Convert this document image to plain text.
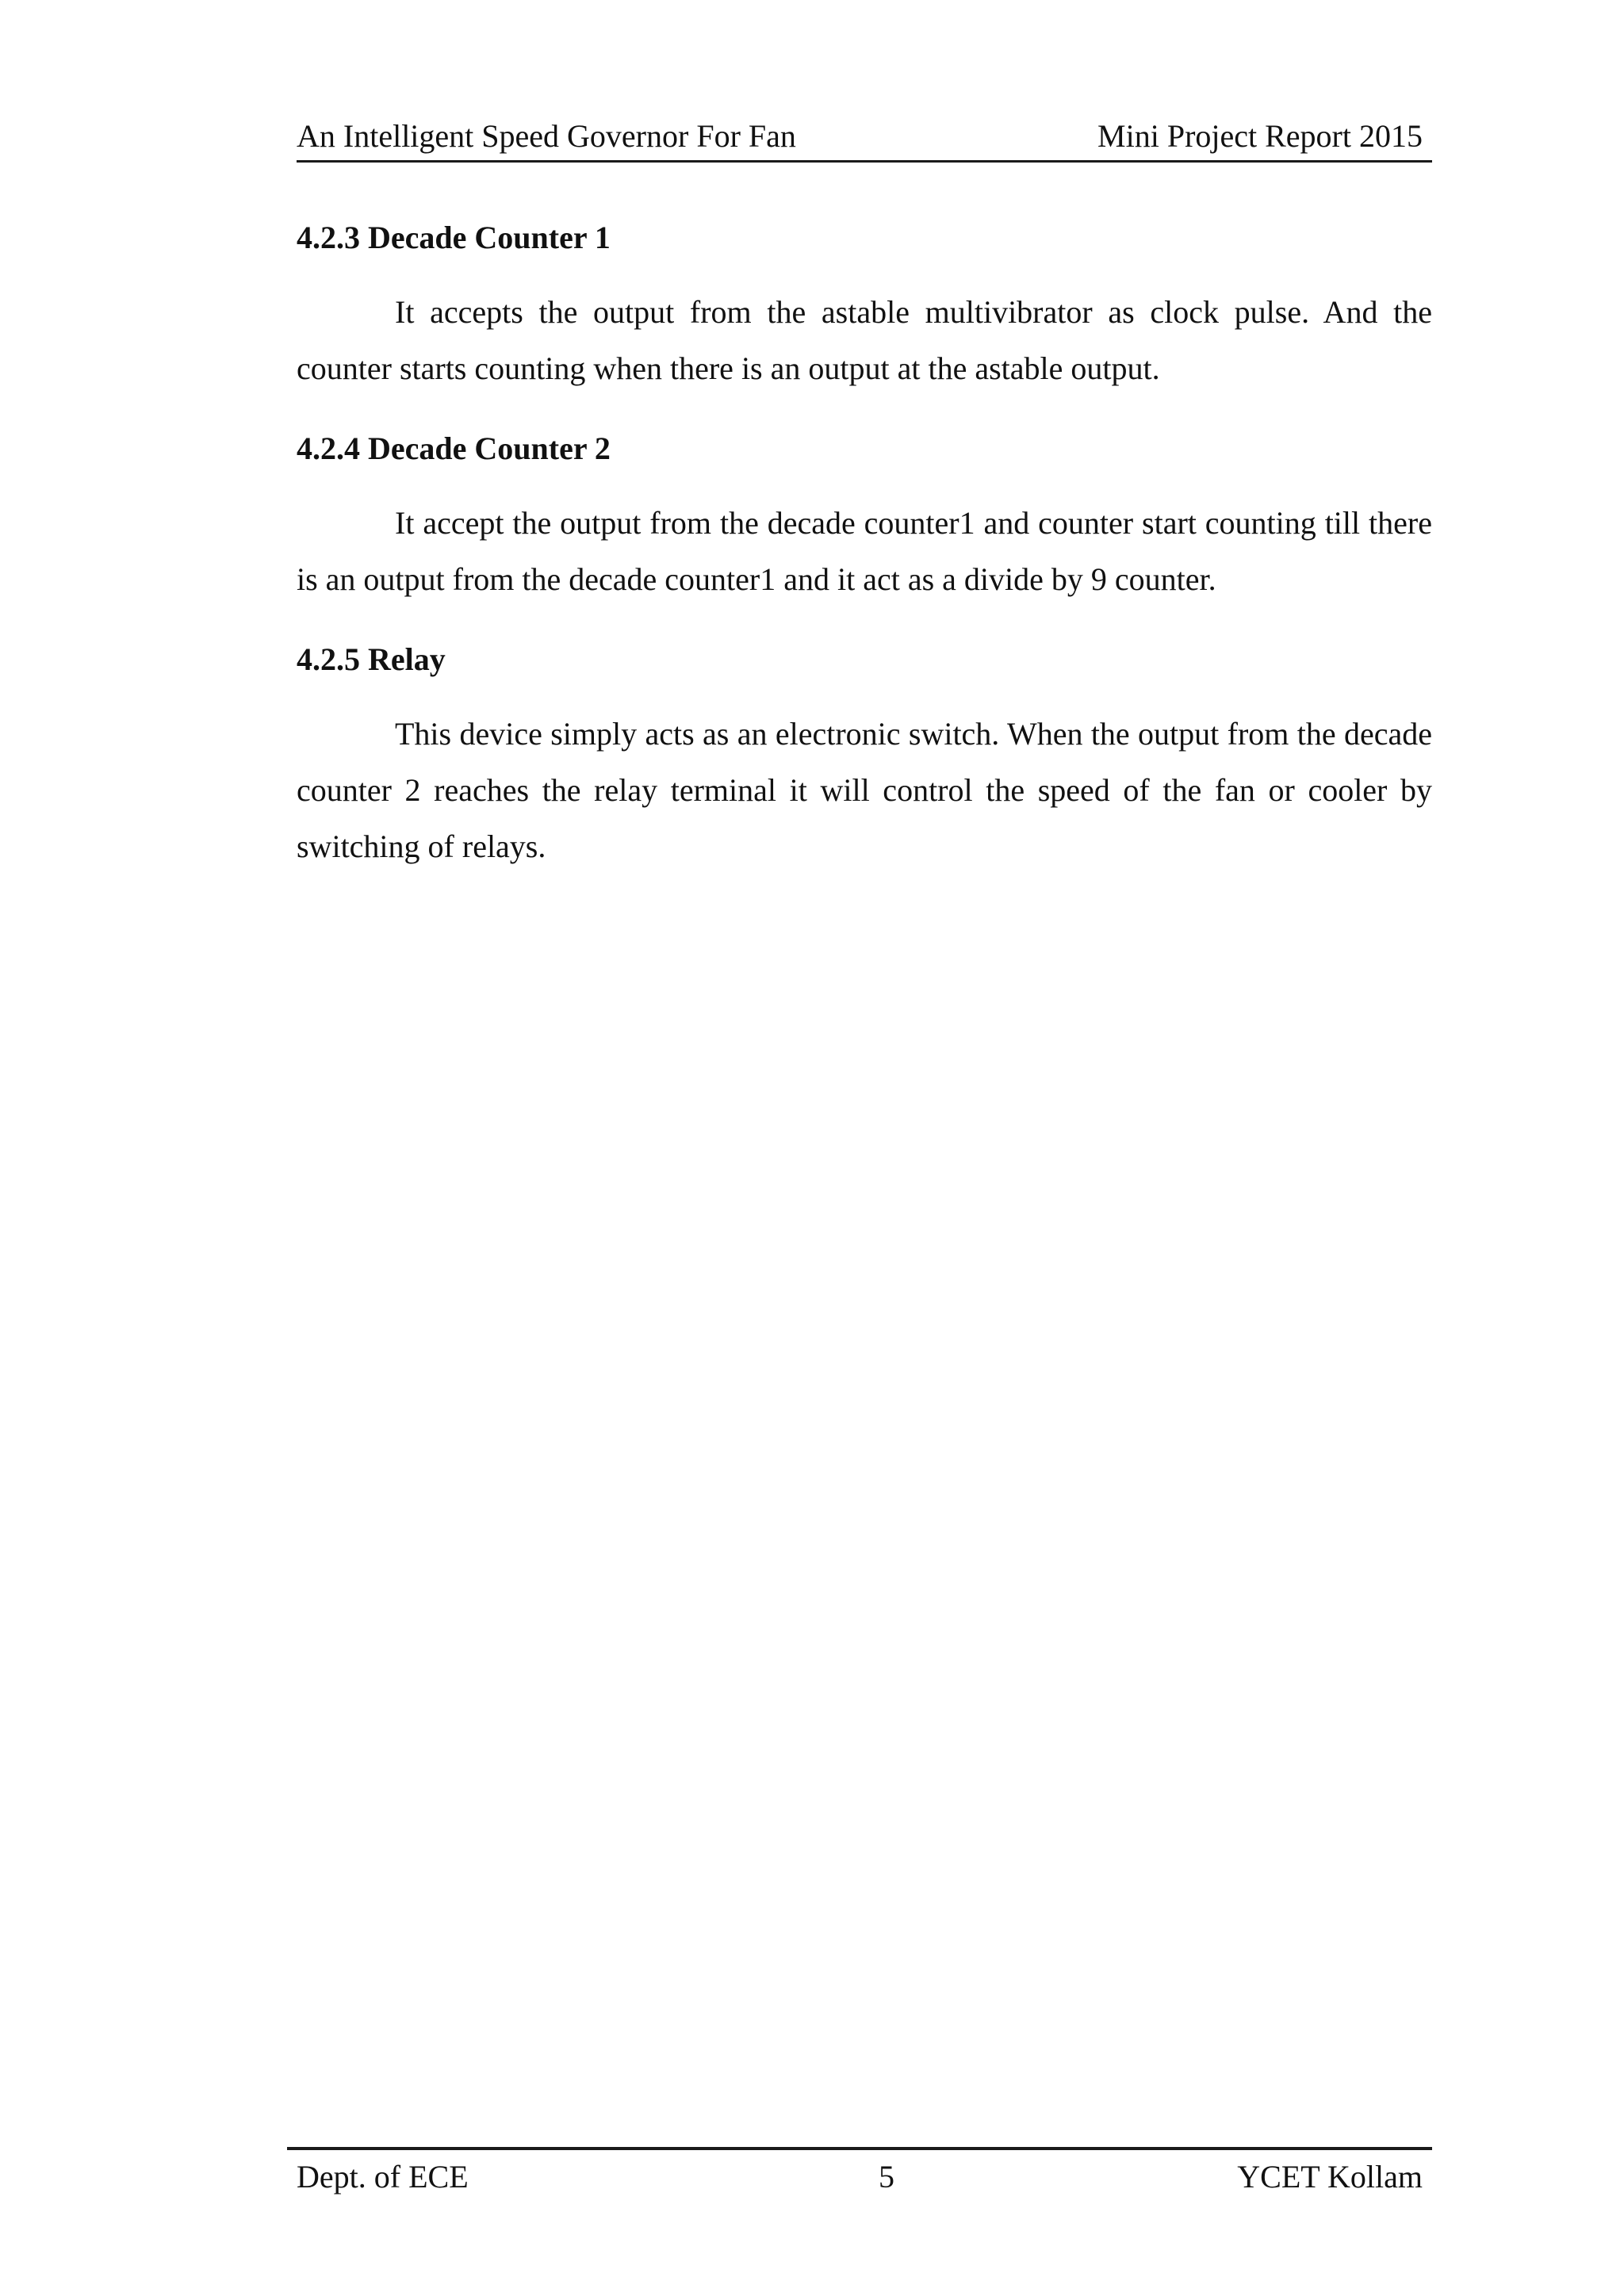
An Intelligent Speed Governor For Fan	Mini Project Report 2015
4.2.3 Decade Counter 1

It accepts the output from the astable multivibrator as clock pulse. And the counter starts counting when there is an output at the astable output.

4.2.4 Decade Counter 2

It accept the output from the decade counter1 and counter start counting till there is an output from the decade counter1 and it act as a divide by 9 counter.

4.2.5 Relay

This device simply acts as an electronic switch. When the output from the decade counter 2 reaches the relay terminal it will control the speed of the fan or cooler by switching of relays.

Dept. of ECE	5	YCET Kollam
